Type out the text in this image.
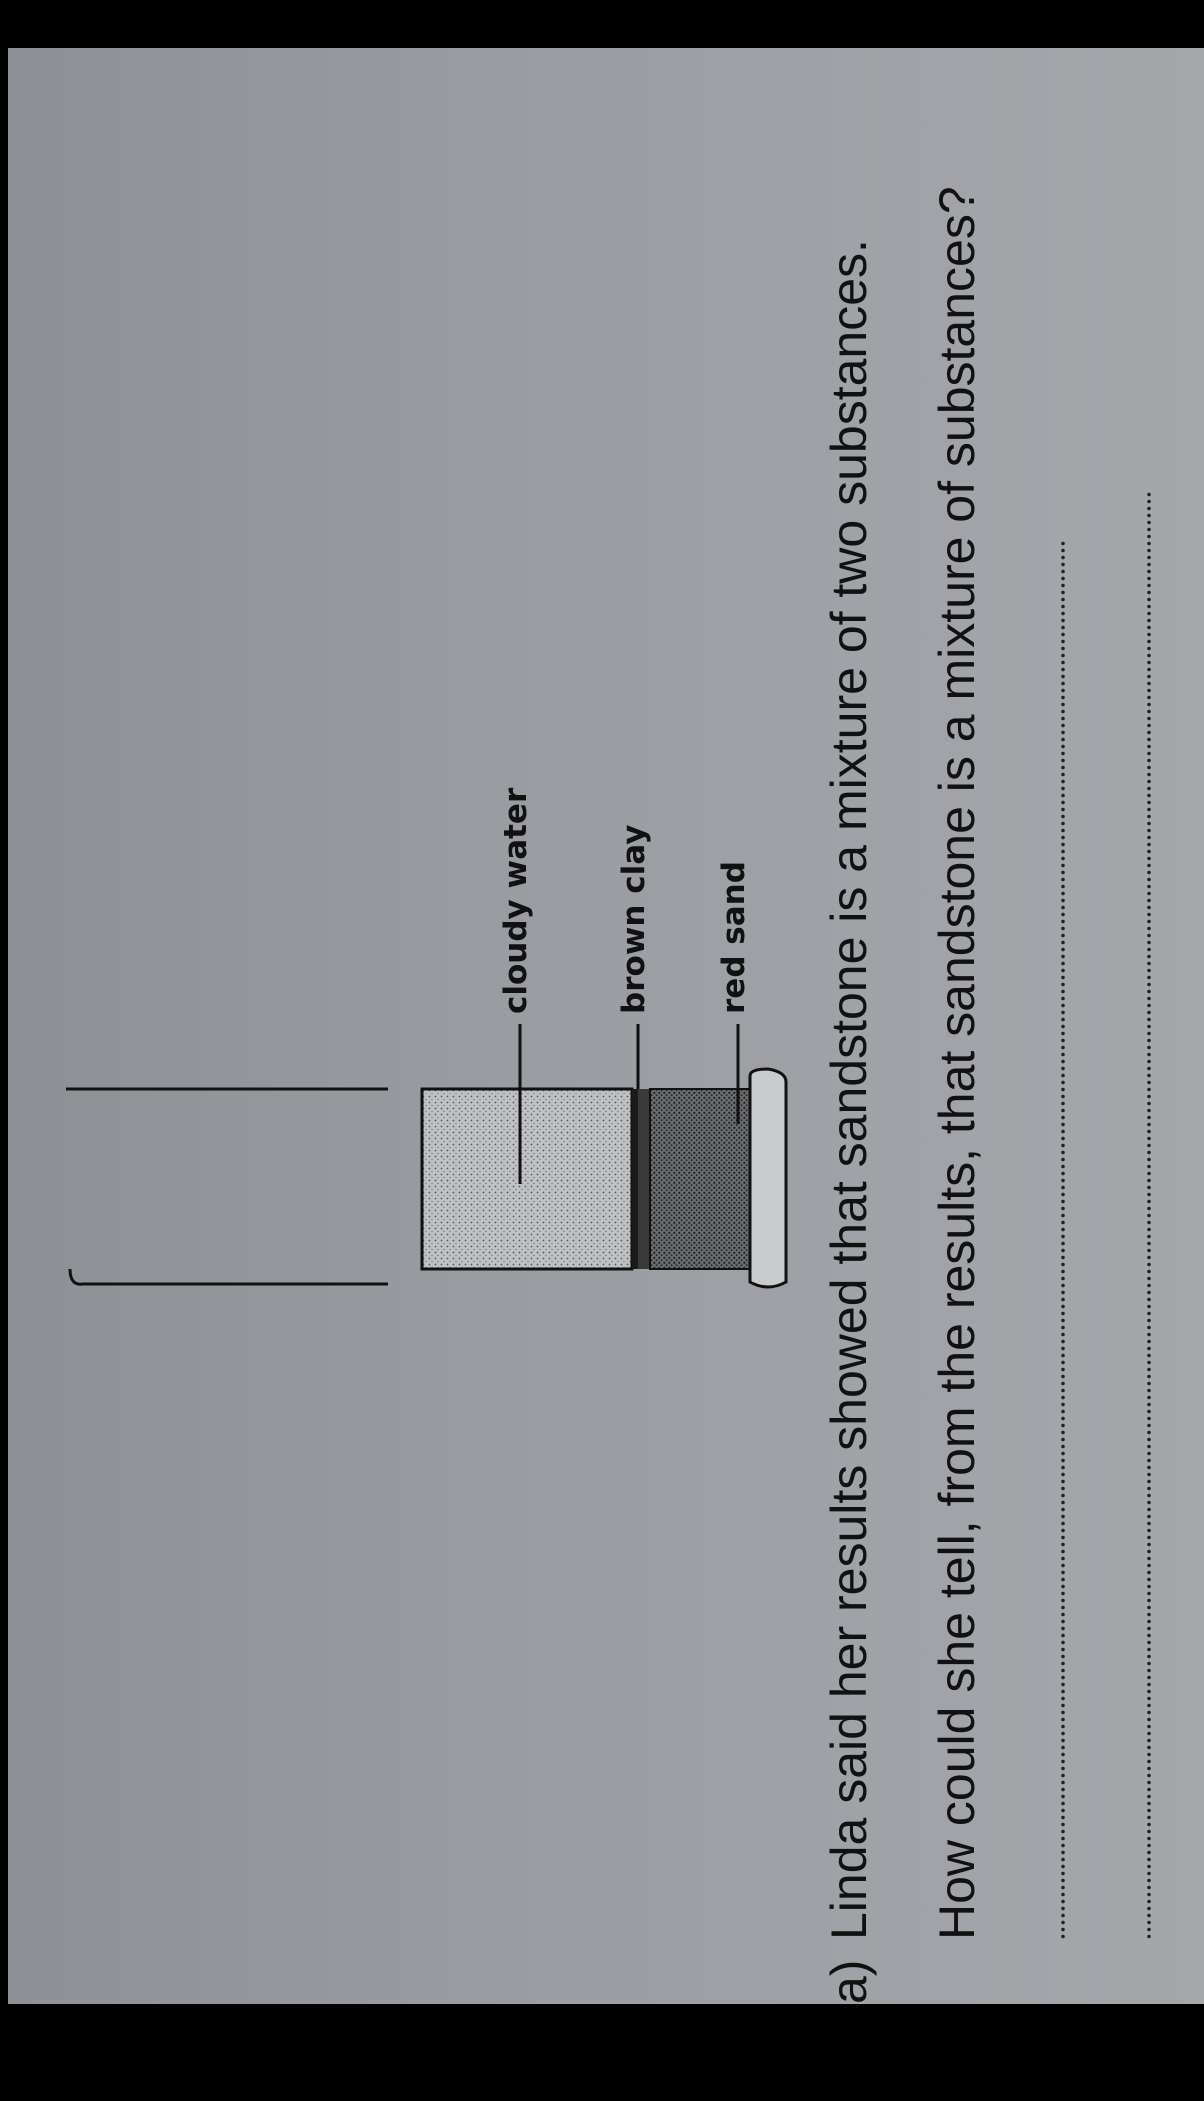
cloudy water	brown clay red sand
a)
Linda said her results showed that sandstone is a mixture of two substances. How could she tell, from the results, that sandstone is a mixture of substances?
